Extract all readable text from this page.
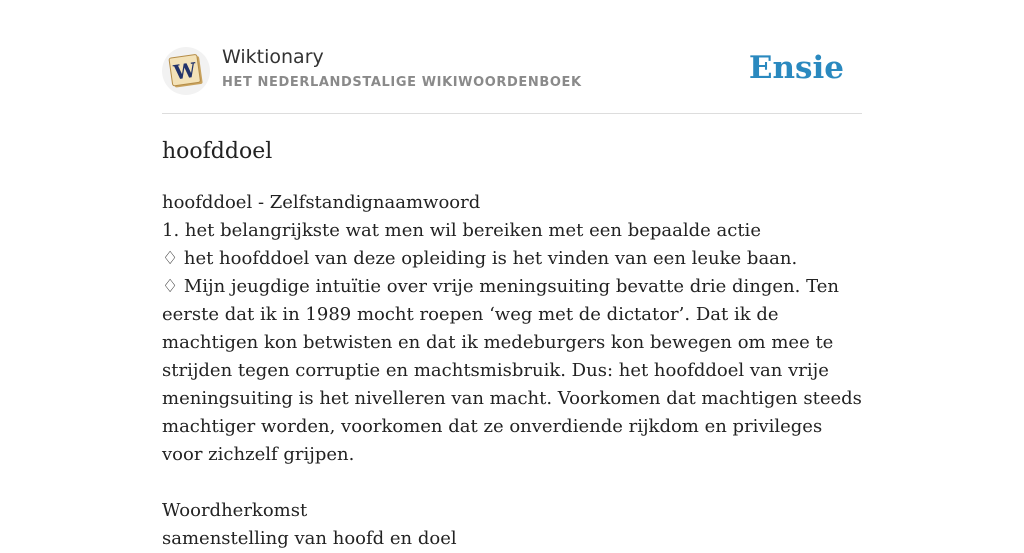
W
Wiktionary
HET NEDERLANDSTALIGE WIKIWOORDENBOEK	Ensie
hoofddoel

hoofddoel - Zelfstandignaamwoord

1. het belangrijkste wat men wil bereiken met een bepaalde actie

♢ het hoofddoel van deze opleiding is het vinden van een leuke baan.

♢ Mijn jeugdige intuïtie over vrije meningsuiting bevatte drie dingen. Ten eerste dat ik in 1989 mocht roepen ‘weg met de dictator’. Dat ik de machtigen kon betwisten en dat ik medeburgers kon bewegen om mee te strijden tegen corruptie en machtsmisbruik. Dus: het hoofddoel van vrije meningsuiting is het nivelleren van macht. Voorkomen dat machtigen steeds machtiger worden, voorkomen dat ze onverdiende rijkdom en privileges voor zichzelf grijpen.

Woordherkomst

samenstelling van hoofd en doel
